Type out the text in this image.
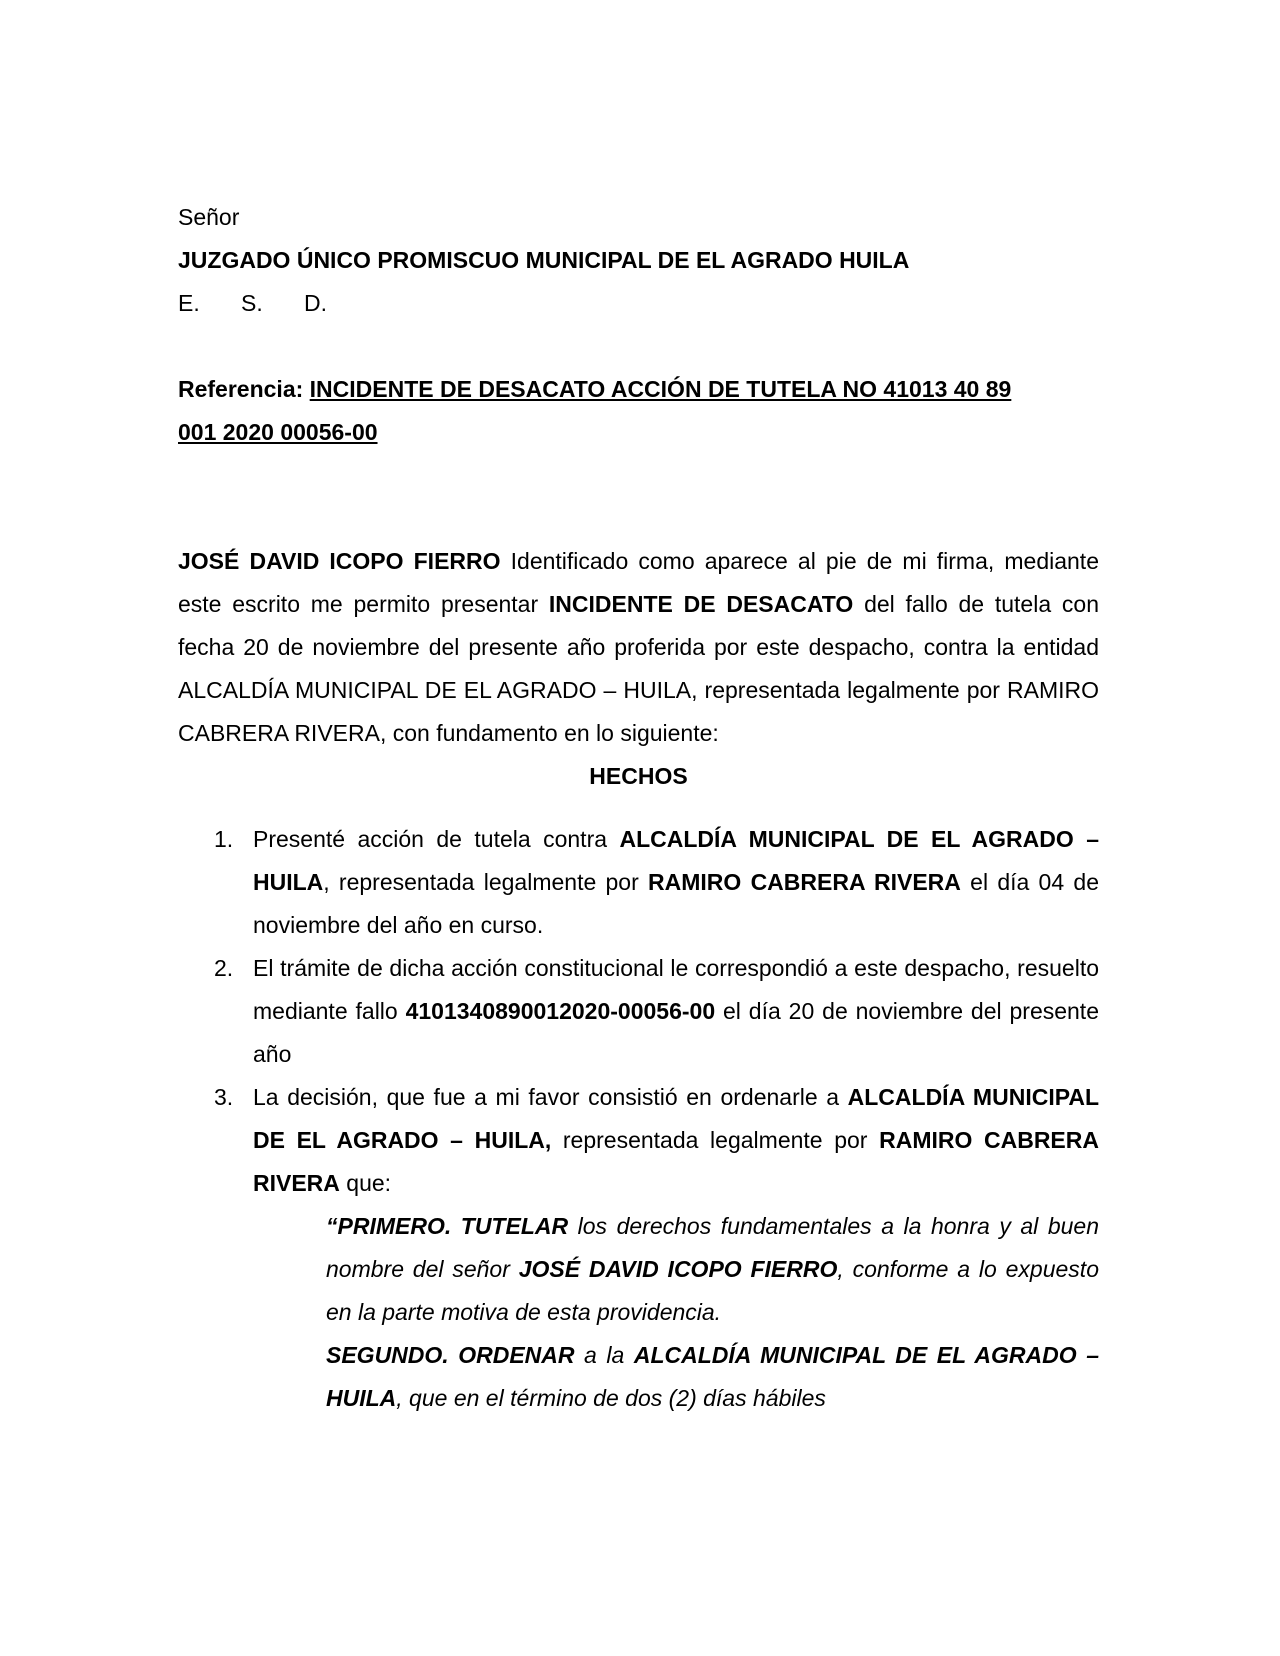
Señor
JUZGADO ÚNICO PROMISCUO MUNICIPAL DE EL AGRADO HUILA
E. S. D.
Referencia: INCIDENTE DE DESACATO ACCIÓN DE TUTELA NO 41013 40 89
001 2020 00056-00
JOSÉ DAVID ICOPO FIERRO Identificado como aparece al pie de mi firma, mediante este escrito me permito presentar INCIDENTE DE DESACATO del fallo de tutela con fecha 20 de noviembre del presente año proferida por este despacho, contra la entidad ALCALDÍA MUNICIPAL DE EL AGRADO – HUILA, representada legalmente por RAMIRO CABRERA RIVERA, con fundamento en lo siguiente:
HECHOS
1. Presenté acción de tutela contra ALCALDÍA MUNICIPAL DE EL AGRADO – HUILA, representada legalmente por RAMIRO CABRERA RIVERA el día 04 de noviembre del año en curso.
2. El trámite de dicha acción constitucional le correspondió a este despacho, resuelto mediante fallo 4101340890012020-00056-00 el día 20 de noviembre del presente año
3. La decisión, que fue a mi favor consistió en ordenarle a ALCALDÍA MUNICIPAL DE EL AGRADO – HUILA, representada legalmente por RAMIRO CABRERA RIVERA que:
“PRIMERO. TUTELAR los derechos fundamentales a la honra y al buen nombre del señor JOSÉ DAVID ICOPO FIERRO, conforme a lo expuesto en la parte motiva de esta providencia.
SEGUNDO. ORDENAR a la ALCALDÍA MUNICIPAL DE EL AGRADO – HUILA, que en el término de dos (2) días hábiles
